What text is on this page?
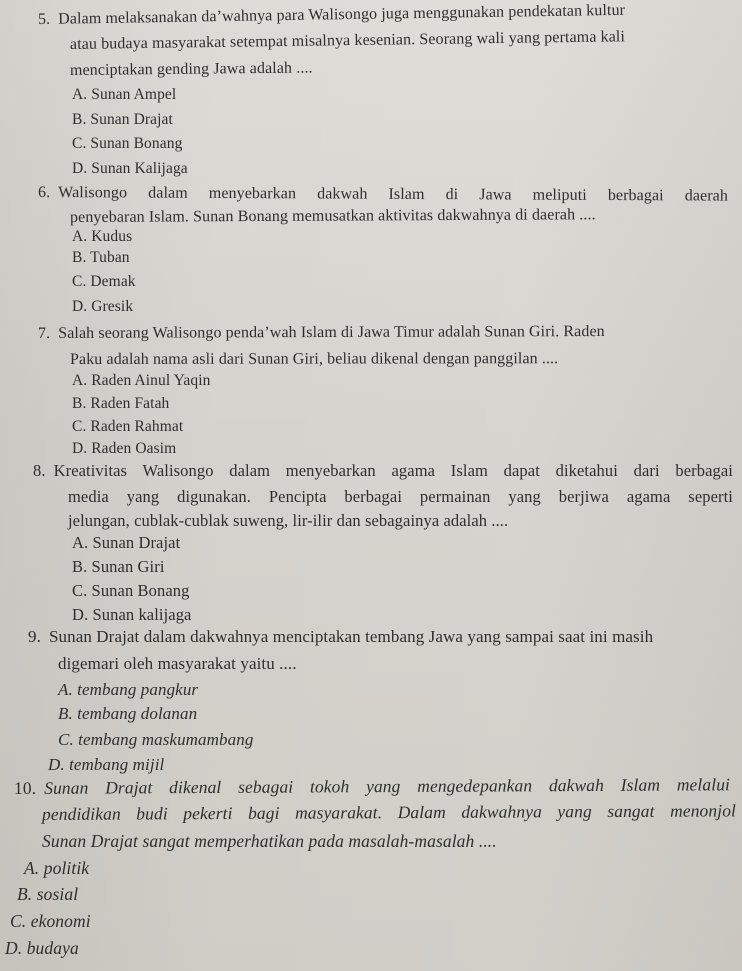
5. Dalam melaksanakan da’wahnya para Walisongo juga menggunakan pendekatan kultur
atau budaya masyarakat setempat misalnya kesenian. Seorang wali yang pertama kali
menciptakan gending Jawa adalah ....
A. Sunan Ampel
B. Sunan Drajat
C. Sunan Bonang
D. Sunan Kalijaga
6. Walisongo dalam menyebarkan dakwah Islam di Jawa meliputi berbagai daerah
penyebaran Islam. Sunan Bonang memusatkan aktivitas dakwahnya di daerah ....
A. Kudus
B. Tuban
C. Demak
D. Gresik
7. Salah seorang Walisongo penda’wah Islam di Jawa Timur adalah Sunan Giri. Raden
Paku adalah nama asli dari Sunan Giri, beliau dikenal dengan panggilan ....
A. Raden Ainul Yaqin
B. Raden Fatah
C. Raden Rahmat
D. Raden Oasim
8. Kreativitas Walisongo dalam menyebarkan agama Islam dapat diketahui dari berbagai
media yang digunakan. Pencipta berbagai permainan yang berjiwa agama seperti
jelungan, cublak-cublak suweng, lir-ilir dan sebagainya adalah ....
A. Sunan Drajat
B. Sunan Giri
C. Sunan Bonang
D. Sunan kalijaga
9. Sunan Drajat dalam dakwahnya menciptakan tembang Jawa yang sampai saat ini masih
digemari oleh masyarakat yaitu ....
A. tembang pangkur
B. tembang dolanan
C. tembang maskumambang
D. tembang mijil
10. Sunan Drajat dikenal sebagai tokoh yang mengedepankan dakwah Islam melalui
pendidikan budi pekerti bagi masyarakat. Dalam dakwahnya yang sangat menonjol
Sunan Drajat sangat memperhatikan pada masalah-masalah ....
A. politik
B. sosial
C. ekonomi
D. budaya
